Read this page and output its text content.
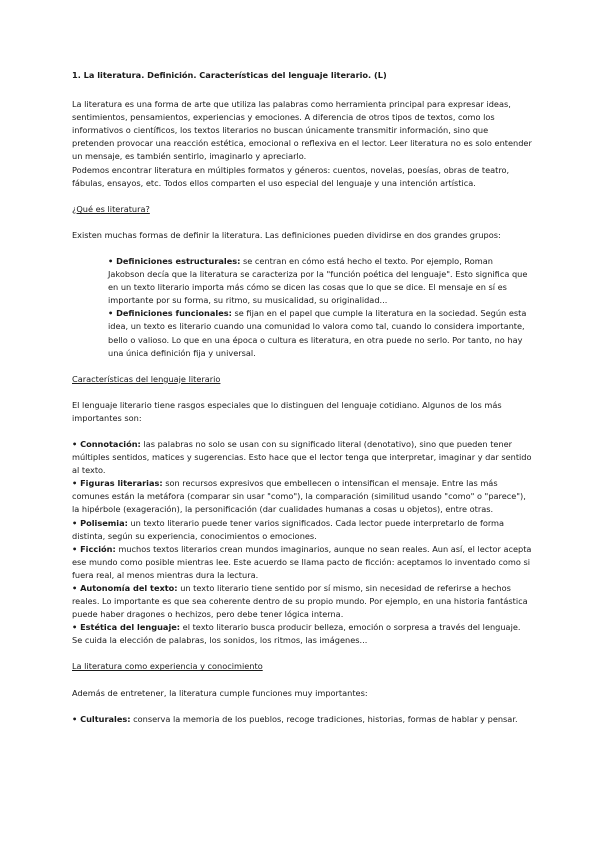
1. La literatura. Definición. Características del lenguaje literario. (L)

La literatura es una forma de arte que utiliza las palabras como herramienta principal para expresar ideas, sentimientos, pensamientos, experiencias y emociones. A diferencia de otros tipos de textos, como los informativos o científicos, los textos literarios no buscan únicamente transmitir información, sino que pretenden provocar una reacción estética, emocional o reflexiva en el lector. Leer literatura no es solo entender un mensaje, es también sentirlo, imaginarlo y apreciarlo.

Podemos encontrar literatura en múltiples formatos y géneros: cuentos, novelas, poesías, obras de teatro, fábulas, ensayos, etc. Todos ellos comparten el uso especial del lenguaje y una intención artística.

¿Qué es literatura?

Existen muchas formas de definir la literatura. Las definiciones pueden dividirse en dos grandes grupos:

• Definiciones estructurales: se centran en cómo está hecho el texto. Por ejemplo, Roman Jakobson decía que la literatura se caracteriza por la "función poética del lenguaje". Esto significa que en un texto literario importa más cómo se dicen las cosas que lo que se dice. El mensaje en sí es importante por su forma, su ritmo, su musicalidad, su originalidad...

• Definiciones funcionales: se fijan en el papel que cumple la literatura en la sociedad. Según esta idea, un texto es literario cuando una comunidad lo valora como tal, cuando lo considera importante, bello o valioso. Lo que en una época o cultura es literatura, en otra puede no serlo. Por tanto, no hay una única definición fija y universal.

Características del lenguaje literario

El lenguaje literario tiene rasgos especiales que lo distinguen del lenguaje cotidiano. Algunos de los más importantes son:

• Connotación: las palabras no solo se usan con su significado literal (denotativo), sino que pueden tener múltiples sentidos, matices y sugerencias. Esto hace que el lector tenga que interpretar, imaginar y dar sentido al texto.

• Figuras literarias: son recursos expresivos que embellecen o intensifican el mensaje. Entre las más comunes están la metáfora (comparar sin usar "como"), la comparación (similitud usando "como" o "parece"), la hipérbole (exageración), la personificación (dar cualidades humanas a cosas u objetos), entre otras.

• Polisemia: un texto literario puede tener varios significados. Cada lector puede interpretarlo de forma distinta, según su experiencia, conocimientos o emociones.

• Ficción: muchos textos literarios crean mundos imaginarios, aunque no sean reales. Aun así, el lector acepta ese mundo como posible mientras lee. Este acuerdo se llama pacto de ficción: aceptamos lo inventado como si fuera real, al menos mientras dura la lectura.

• Autonomía del texto: un texto literario tiene sentido por sí mismo, sin necesidad de referirse a hechos reales. Lo importante es que sea coherente dentro de su propio mundo. Por ejemplo, en una historia fantástica puede haber dragones o hechizos, pero debe tener lógica interna.

• Estética del lenguaje: el texto literario busca producir belleza, emoción o sorpresa a través del lenguaje. Se cuida la elección de palabras, los sonidos, los ritmos, las imágenes...

La literatura como experiencia y conocimiento

Además de entretener, la literatura cumple funciones muy importantes:

• Culturales: conserva la memoria de los pueblos, recoge tradiciones, historias, formas de hablar y pensar.
